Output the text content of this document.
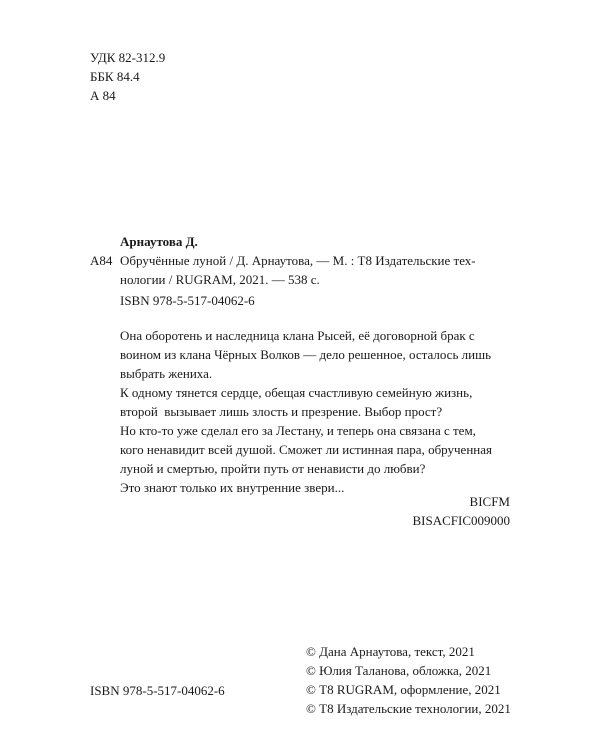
УДК 82-312.9
ББК 84.4
А 84
Арнаутова Д.
А84 Обручённые луной / Д. Арнаутова, — М. : Т8 Издательские тех-
нологии / RUGRAM, 2021. — 538 с.
ISBN 978-5-517-04062-6

Она оборотень и наследница клана Рысей, её договорной брак с
воином из клана Чёрных Волков — дело решенное, осталось лишь
выбрать жениха.

К одному тянется сердце, обещая счастливую семейную жизнь,
второй  вызывает лишь злость и презрение. Выбор прост?

Но кто-то уже сделал его за Лестану, и теперь она связана с тем,
кого ненавидит всей душой. Сможет ли истинная пара, обрученная
луной и смертью, пройти путь от ненависти до любви?

Это знают только их внутренние звери...

BICFM
BISACFIC009000
© Дана Арнаутова, текст, 2021
© Юлия Таланова, обложка, 2021
© Т8 RUGRAM, оформление, 2021
© Т8 Издательские технологии, 2021
ISBN 978-5-517-04062-6
